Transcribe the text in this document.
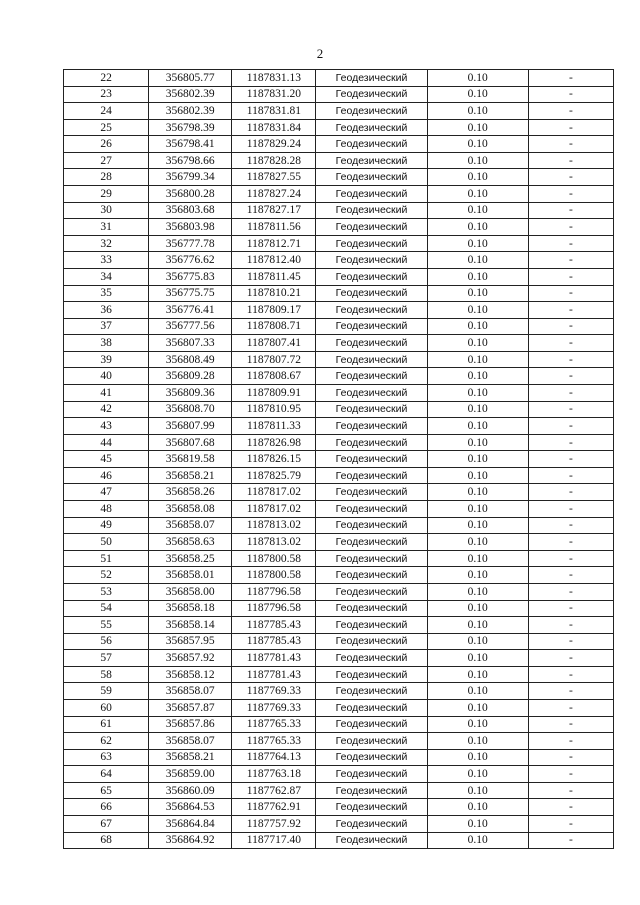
2
22	356805.77	1187831.13	Геодезический	0.10	-
23	356802.39	1187831.20	Геодезический	0.10	-
24	356802.39	1187831.81	Геодезический	0.10	-
25	356798.39	1187831.84	Геодезический	0.10	-
26	356798.41	1187829.24	Геодезический	0.10	-
27	356798.66	1187828.28	Геодезический	0.10	-
28	356799.34	1187827.55	Геодезический	0.10	-
29	356800.28	1187827.24	Геодезический	0.10	-
30	356803.68	1187827.17	Геодезический	0.10	-
31	356803.98	1187811.56	Геодезический	0.10	-
32	356777.78	1187812.71	Геодезический	0.10	-
33	356776.62	1187812.40	Геодезический	0.10	-
34	356775.83	1187811.45	Геодезический	0.10	-
35	356775.75	1187810.21	Геодезический	0.10	-
36	356776.41	1187809.17	Геодезический	0.10	-
37	356777.56	1187808.71	Геодезический	0.10	-
38	356807.33	1187807.41	Геодезический	0.10	-
39	356808.49	1187807.72	Геодезический	0.10	-
40	356809.28	1187808.67	Геодезический	0.10	-
41	356809.36	1187809.91	Геодезический	0.10	-
42	356808.70	1187810.95	Геодезический	0.10	-
43	356807.99	1187811.33	Геодезический	0.10	-
44	356807.68	1187826.98	Геодезический	0.10	-
45	356819.58	1187826.15	Геодезический	0.10	-
46	356858.21	1187825.79	Геодезический	0.10	-
47	356858.26	1187817.02	Геодезический	0.10	-
48	356858.08	1187817.02	Геодезический	0.10	-
49	356858.07	1187813.02	Геодезический	0.10	-
50	356858.63	1187813.02	Геодезический	0.10	-
51	356858.25	1187800.58	Геодезический	0.10	-
52	356858.01	1187800.58	Геодезический	0.10	-
53	356858.00	1187796.58	Геодезический	0.10	-
54	356858.18	1187796.58	Геодезический	0.10	-
55	356858.14	1187785.43	Геодезический	0.10	-
56	356857.95	1187785.43	Геодезический	0.10	-
57	356857.92	1187781.43	Геодезический	0.10	-
58	356858.12	1187781.43	Геодезический	0.10	-
59	356858.07	1187769.33	Геодезический	0.10	-
60	356857.87	1187769.33	Геодезический	0.10	-
61	356857.86	1187765.33	Геодезический	0.10	-
62	356858.07	1187765.33	Геодезический	0.10	-
63	356858.21	1187764.13	Геодезический	0.10	-
64	356859.00	1187763.18	Геодезический	0.10	-
65	356860.09	1187762.87	Геодезический	0.10	-
66	356864.53	1187762.91	Геодезический	0.10	-
67	356864.84	1187757.92	Геодезический	0.10	-
68	356864.92	1187717.40	Геодезический	0.10	-
